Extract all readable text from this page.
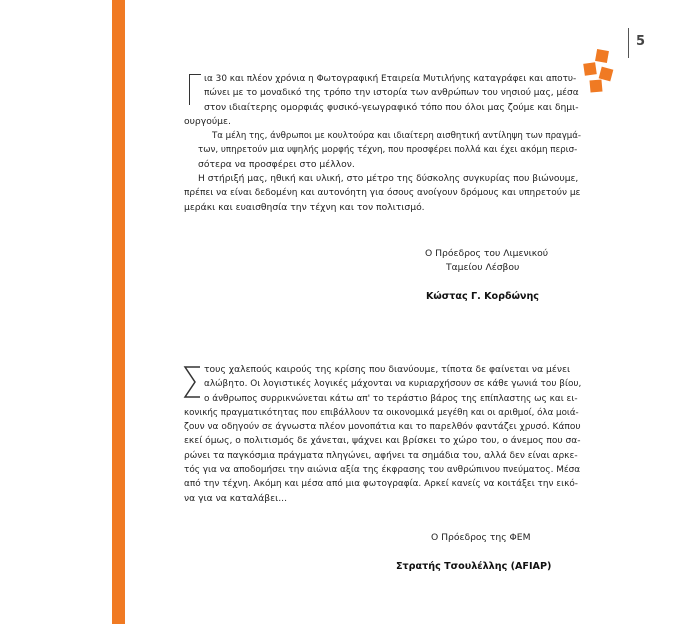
5

ια 30 και πλέον χρόνια η Φωτογραφική Εταιρεία Μυτιλήνης καταγράφει και αποτυ-
πώνει με το μοναδικό της τρόπο την ιστορία των ανθρώπων του νησιού μας, μέσα
στον ιδιαίτερης ομορφιάς φυσικό-γεωγραφικό τόπο που όλοι μας ζούμε και δημι-
ουργούμε.

Τα μέλη της, άνθρωποι με κουλτούρα και ιδιαίτερη αισθητική αντίληψη των πραγμά-
των, υπηρετούν μια υψηλής μορφής τέχνη, που προσφέρει πολλά και έχει ακόμη περισ-
σότερα να προσφέρει στο μέλλον.

Η στήριξή μας, ηθική και υλική, στο μέτρο της δύσκολης συγκυρίας που βιώνουμε,
πρέπει να είναι δεδομένη και αυτονόητη για όσους ανοίγουν δρόμους και υπηρετούν με
μεράκι και ευαισθησία την τέχνη και τον πολιτισμό.

Ο Πρόεδρος του Λιμενικού
Ταμείου Λέσβου
Κώστας Γ. Κορδώνης

τους χαλεπούς καιρούς της κρίσης που διανύουμε, τίποτα δε φαίνεται να μένει
αλώβητο. Οι λογιστικές λογικές μάχονται να κυριαρχήσουν σε κάθε γωνιά του βίου,
ο άνθρωπος συρρικνώνεται κάτω απ' το τεράστιο βάρος της επίπλαστης ως και ει-
κονικής πραγματικότητας που επιβάλλουν τα οικονομικά μεγέθη και οι αριθμοί, όλα μοιά-
ζουν να οδηγούν σε άγνωστα πλέον μονοπάτια και το παρελθόν φαντάζει χρυσό. Κάπου
εκεί όμως, ο πολιτισμός δε χάνεται, ψάχνει και βρίσκει το χώρο του, ο άνεμος που σα-
ρώνει τα παγκόσμια πράγματα πληγώνει, αφήνει τα σημάδια του, αλλά δεν είναι αρκε-
τός για να αποδομήσει την αιώνια αξία της έκφρασης του ανθρώπινου πνεύματος. Μέσα
από την τέχνη. Ακόμη και μέσα από μια φωτογραφία. Αρκεί κανείς να κοιτάξει την εικό-
να για να καταλάβει...

Ο Πρόεδρος της ΦΕΜ
Στρατής Τσουλέλλης (AFIAP)
